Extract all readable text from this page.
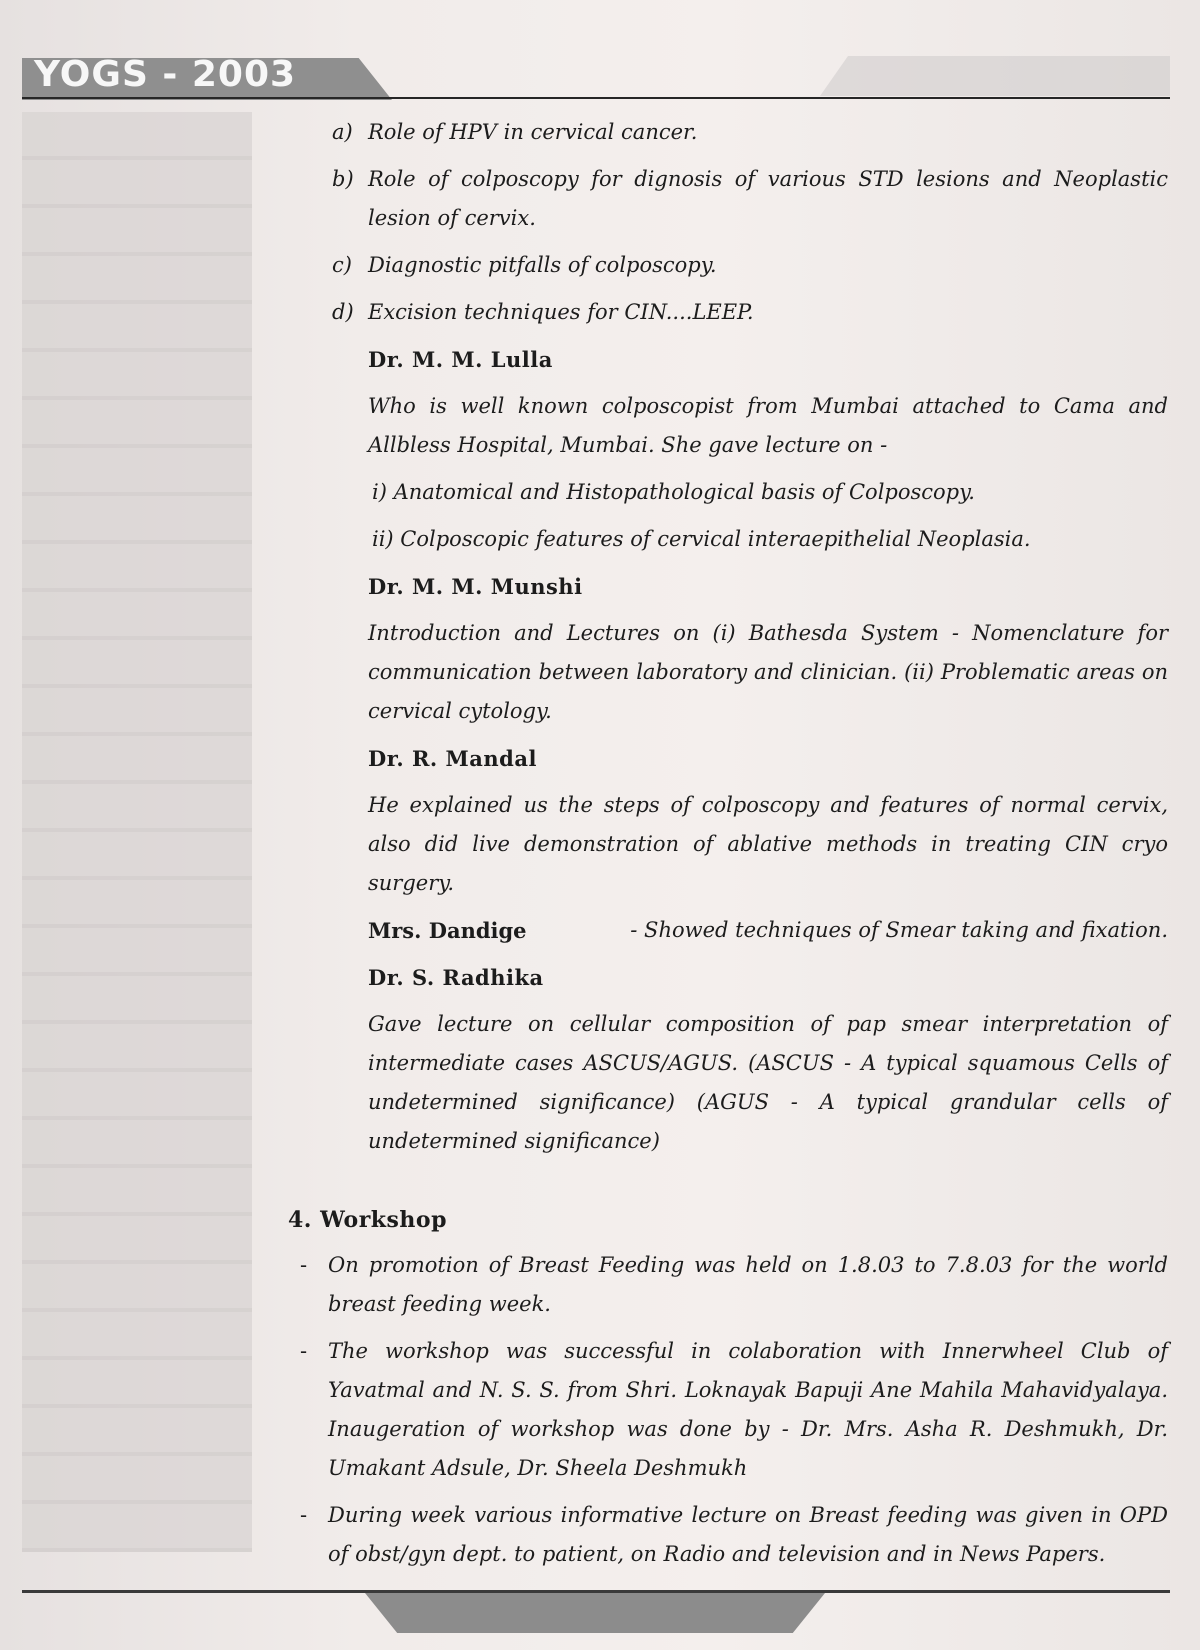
YOGS - 2003
a) Role of HPV in cervical cancer.
b) Role of colposcopy for dignosis of various STD lesions and Neoplastic lesion of cervix.
c) Diagnostic pitfalls of colposcopy.
d) Excision techniques for CIN....LEEP.
Dr. M. M. Lulla
Who is well known colposcopist from Mumbai attached to Cama and Allbless Hospital, Mumbai. She gave lecture on -
i) Anatomical and Histopathological basis of Colposcopy.
ii) Colposcopic features of cervical interaepithelial Neoplasia.
Dr. M. M. Munshi
Introduction and Lectures on (i) Bathesda System - Nomenclature for communication between laboratory and clinician. (ii) Problematic areas on cervical cytology.
Dr. R. Mandal
He explained us the steps of colposcopy and features of normal cervix, also did live demonstration of ablative methods in treating CIN cryo surgery.
Mrs. Dandige	- Showed techniques of Smear taking and fixation.
Dr. S. Radhika
Gave lecture on cellular composition of pap smear interpretation of intermediate cases ASCUS/AGUS. (ASCUS - A typical squamous Cells of undetermined significance) (AGUS - A typical grandular cells of undetermined significance)
4. Workshop
- On promotion of Breast Feeding was held on 1.8.03 to 7.8.03 for the world breast feeding week.
- The workshop was successful in colaboration with Innerwheel Club of Yavatmal and N. S. S. from Shri. Loknayak Bapuji Ane Mahila Mahavidyalaya. Inaugeration of workshop was done by - Dr. Mrs. Asha R. Deshmukh, Dr. Umakant Adsule, Dr. Sheela Deshmukh
- During week various informative lecture on Breast feeding was given in OPD of obst/gyn dept. to patient, on Radio and television and in News Papers.
